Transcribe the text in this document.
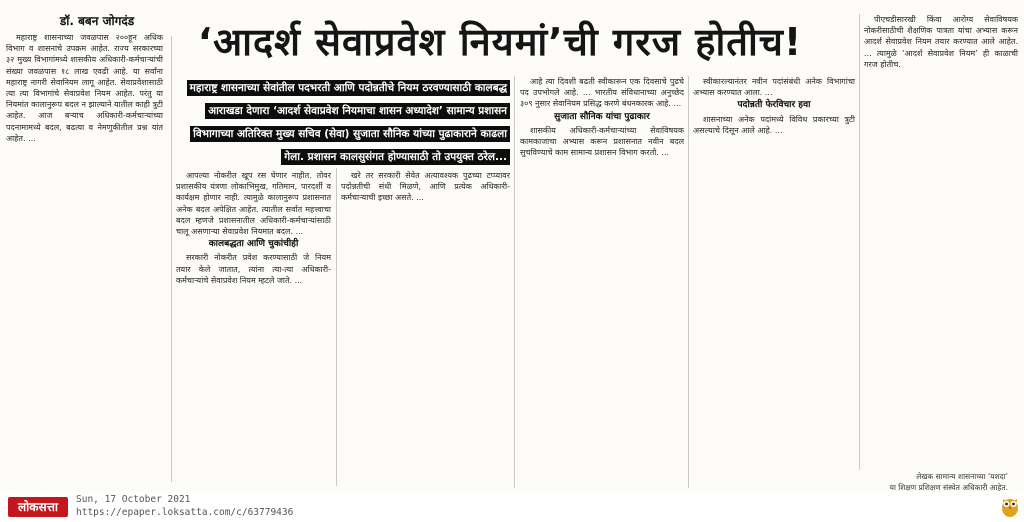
डॉ. बबन जोगदंड	‘आदर्श सेवाप्रवेश नियमां’ची गरज होतीच!
महाराष्ट्र शासनाच्या सेवांतील पदभरती आणि पदोन्नतीचे नियम ठरवण्यासाठी कालबद्ध आराखडा देणारा ‘आदर्श सेवाप्रवेश नियमाचा शासन अध्यादेश’ सामान्य प्रशासन विभागाच्या अतिरिक्त मुख्य सचिव (सेवा) सुजाता सौनिक यांच्या पुढाकाराने काढला गेला. प्रशासन कालसुसंगत होण्यासाठी तो उपयुक्त ठरेल...

महाराष्ट्र शासनाच्या जवळपास २००हून अधिक विभाग व शासनाचे उपक्रम आहेत. राज्य सरकारच्या ३२ मुख्य विभागांमध्ये शासकीय अधिकारी-कर्मचाऱ्यांची संख्या जवळपास १८ लाख एवढी आहे. या सर्वांना महाराष्ट्र नागरी सेवानियम लागू आहेत. सेवाप्रवेशासाठी त्या त्या विभागांचे सेवाप्रवेश नियम आहेत. परंतु या नियमांत कालानुरूप बदल न झाल्याने यातील काही त्रुटी आहेत. आज बऱ्याच अधिकारी-कर्मचाऱ्यांच्या पदनामामध्ये बदल, बढत्या व नेमणुकीतील प्रश्न यांत आहेत. ...

आपल्या नोकरीत खूप रस घेणार नाहीत. तोवर प्रशासकीय यंत्रणा लोकाभिमुख, गतिमान, पारदर्शी व कार्यक्षम होणार नाही. त्यामुळे कालानुरूप प्रशासनात अनेक बदल अपेक्षित आहेत. त्यातील सर्वात महत्त्वाचा बदल म्हणजे प्रशासनातील अधिकारी-कर्मचाऱ्यांसाठी चालू असणाऱ्या सेवाप्रवेश नियमात बदल. ...

कालबद्धता आणि चुकांचीही

सरकारी नोकरीत प्रवेश करण्यासाठी जे नियम तयार केले जातात, त्यांना त्या-त्या अधिकारी-कर्मचाऱ्यांचे सेवाप्रवेश नियम म्हटले जाते. ...

खरे तर सरकारी सेवेत अत्यावश्यक पुढच्या टप्प्यावर पदोन्नतीची संधी मिळणे, आणि प्रत्येक अधिकारी-कर्मचाऱ्याची इच्छा असते. ...

आहे त्या दिवशी बढती स्वीकारून एक दिवसाचे पुढचे पद उपभोगले आहे. ... भारतीय संविधानाच्या अनुच्छेद ३०९ नुसार सेवानियम प्रसिद्ध करणे बंधनकारक आहे. ...

सुजाता सौनिक यांचा पुढाकार

शासकीय अधिकारी-कर्मचाऱ्यांच्या सेवाविषयक कामकाजाचा अभ्यास करून प्रशासनात नवीन बदल सुचविण्याचे काम सामान्य प्रशासन विभाग करतो. ...

स्वीकारल्यानंतर नवीन पदांसंबंधी अनेक विभागांचा अभ्यास करण्यात आला. ...

पदोन्नती फेरविचार हवा

शासनाच्या अनेक पदांमध्ये विविध प्रकारच्या त्रुटी असल्याचे दिसून आले आहे. ...

पीएचडीसारखी किंवा आरोग्य सेवाविषयक नोकरीसाठीची शैक्षणिक पात्रता यांचा अभ्यास करून आदर्श सेवाप्रवेश नियम तयार करण्यात आले आहेत. ... त्यामुळे ‘आदर्श सेवाप्रवेश नियम’ ही काळाची गरज होतीच.

लेखक सामान्य शासनाच्या ‘यशदा’
या शिक्षण प्रशिक्षण संस्थेत अधिकारी आहेत.
लोकसत्ता
Sun, 17 October 2021
https://epaper.loksatta.com/c/63779436
